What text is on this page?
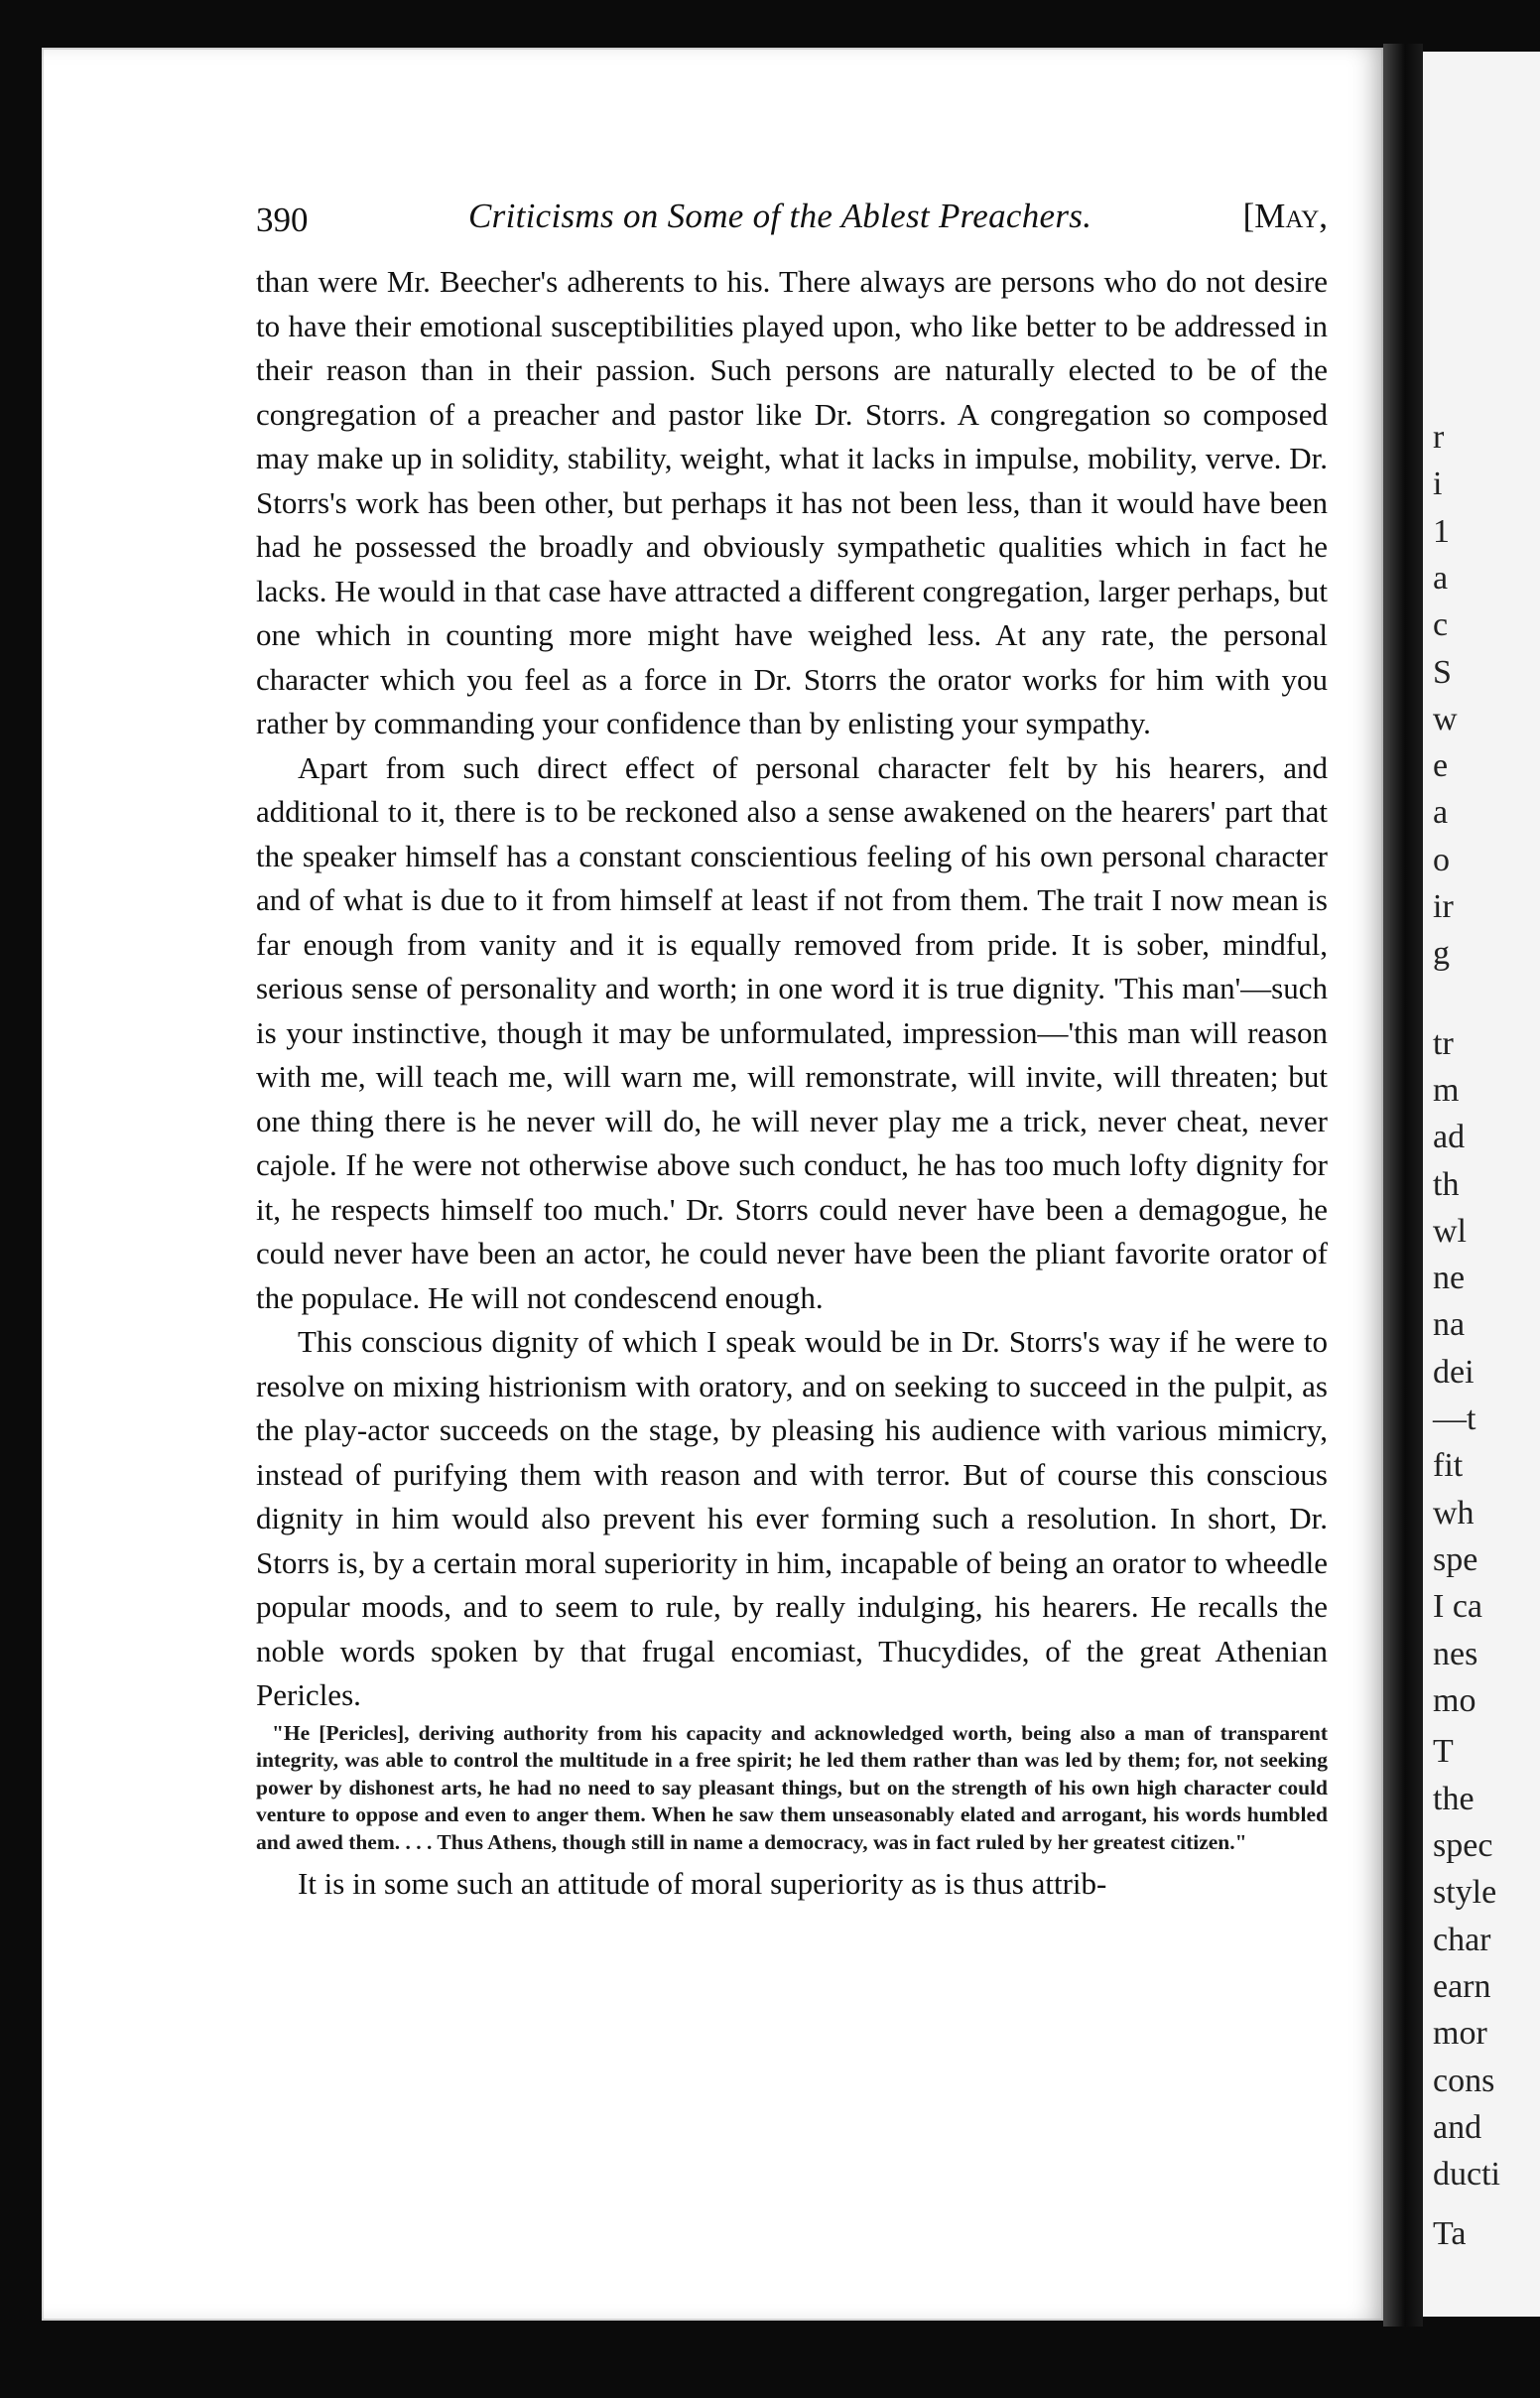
390	Criticisms on Some of the Ablest Preachers.	[May,

than were Mr. Beecher's adherents to his. There always are persons who do not desire to have their emotional susceptibilities played upon, who like better to be addressed in their reason than in their passion. Such persons are naturally elected to be of the congregation of a preacher and pastor like Dr. Storrs. A congregation so composed may make up in solidity, stability, weight, what it lacks in impulse, mobility, verve. Dr. Storrs's work has been other, but perhaps it has not been less, than it would have been had he possessed the broadly and obviously sympathetic qualities which in fact he lacks. He would in that case have attracted a different congregation, larger perhaps, but one which in counting more might have weighed less. At any rate, the personal character which you feel as a force in Dr. Storrs the orator works for him with you rather by commanding your confidence than by enlisting your sympathy.

Apart from such direct effect of personal character felt by his hearers, and additional to it, there is to be reckoned also a sense awakened on the hearers' part that the speaker himself has a constant conscientious feeling of his own personal character and of what is due to it from himself at least if not from them. The trait I now mean is far enough from vanity and it is equally removed from pride. It is sober, mindful, serious sense of personality and worth; in one word it is true dignity. 'This man'—such is your instinctive, though it may be unformulated, impression—'this man will reason with me, will teach me, will warn me, will remonstrate, will invite, will threaten; but one thing there is he never will do, he will never play me a trick, never cheat, never cajole. If he were not otherwise above such conduct, he has too much lofty dignity for it, he respects himself too much.' Dr. Storrs could never have been a demagogue, he could never have been an actor, he could never have been the pliant favorite orator of the populace. He will not condescend enough.

This conscious dignity of which I speak would be in Dr. Storrs's way if he were to resolve on mixing histrionism with oratory, and on seeking to succeed in the pulpit, as the play-actor succeeds on the stage, by pleasing his audience with various mimicry, instead of purifying them with reason and with terror. But of course this conscious dignity in him would also prevent his ever forming such a resolution. In short, Dr. Storrs is, by a certain moral superiority in him, incapable of being an orator to wheedle popular moods, and to seem to rule, by really indulging, his hearers. He recalls the noble words spoken by that frugal encomiast, Thucydides, of the great Athenian Pericles.

"He [Pericles], deriving authority from his capacity and acknowledged worth, being also a man of transparent integrity, was able to control the multitude in a free spirit; he led them rather than was led by them; for, not seeking power by dishonest arts, he had no need to say pleasant things, but on the strength of his own high character could venture to oppose and even to anger them. When he saw them unseasonably elated and arrogant, his words humbled and awed them. . . . Thus Athens, though still in name a democracy, was in fact ruled by her greatest citizen."

It is in some such an attitude of moral superiority as is thus attrib-

r
i
1
a
c
S
w
e
a
o
ir
g
tr
m
ad
th
wl
ne
na
dei
—t
fit
wh
spe
I ca
nes
mo
T
the
spec
style
char
earn
mor
cons
and
ducti
Ta
